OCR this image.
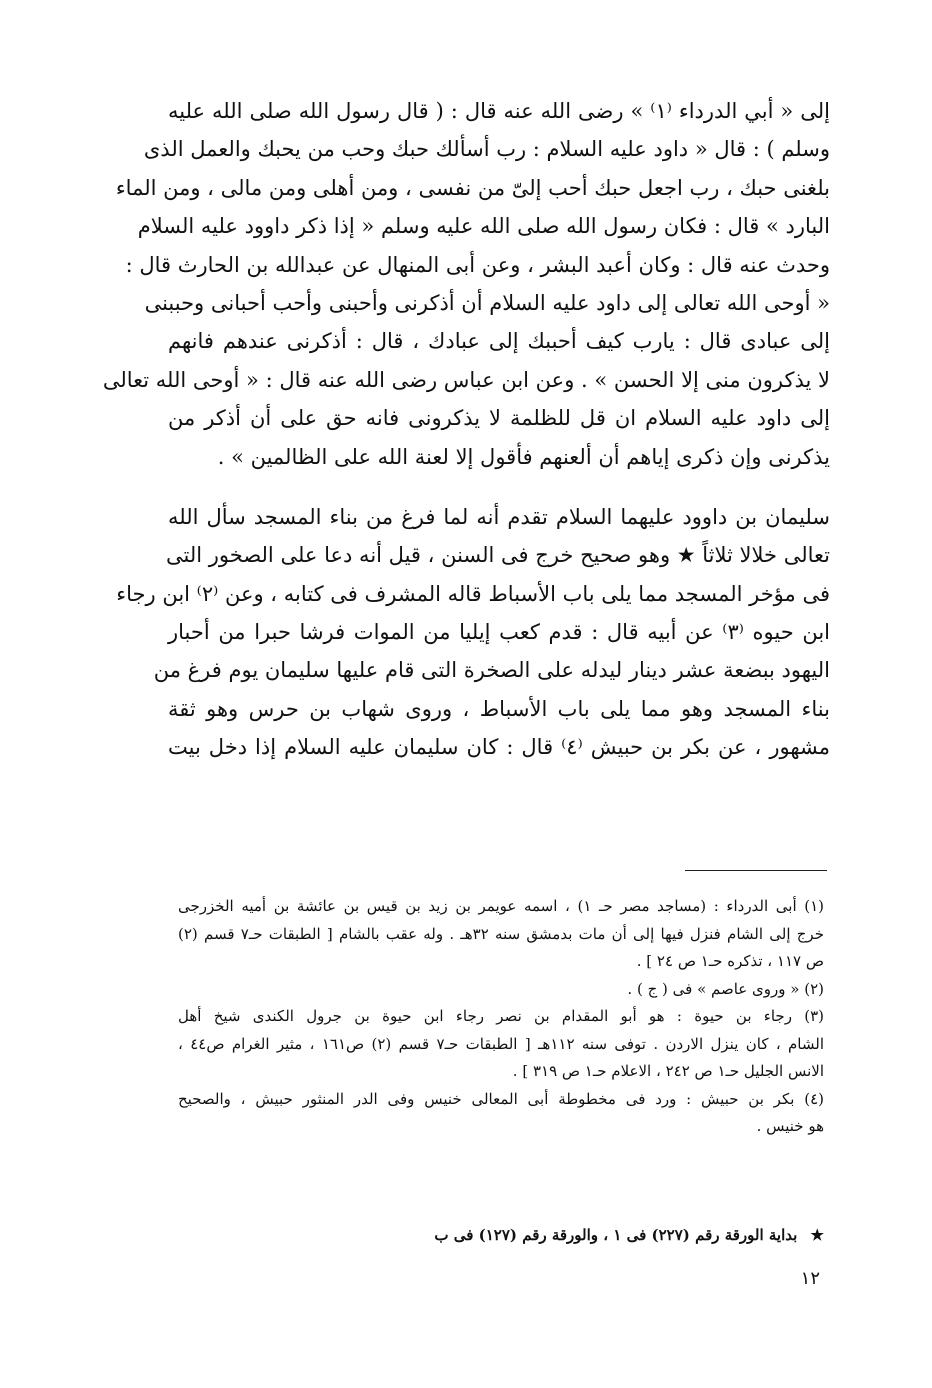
إلى « أبي الدرداء ⁽١⁾ » رضى الله عنه قال : ( قال رسول الله صلى الله عليه
وسلم ) : قال « داود عليه السلام : رب أسألك حبك وحب من يحبك والعمل الذى
بلغنى حبك ، رب اجعل حبك أحب إلىّ من نفسى ، ومن أهلى ومن مالى ، ومن الماء
البارد » قال : فكان رسول الله صلى الله عليه وسلم « إذا ذكر داوود عليه السلام
وحدث عنه قال : وكان أعبد البشر ، وعن أبى المنهال عن عبدالله بن الحارث قال :
« أوحى الله تعالى إلى داود عليه السلام أن أذكرنى وأحبنى وأحب أحبانى وحببنى
إلى عبادى قال : يارب كيف أحببك إلى عبادك ، قال : أذكرنى عندهم فانهم
لا يذكرون منى إلا الحسن » . وعن ابن عباس رضى الله عنه قال : « أوحى الله تعالى
إلى داود عليه السلام ان قل للظلمة لا يذكرونى فانه حق على أن أذكر من
يذكرنى وإن ذكرى إياهم أن ألعنهم فأقول إلا لعنة الله على الظالمين » .
سليمان بن داوود عليهما السلام تقدم أنه لما فرغ من بناء المسجد سأل الله
تعالى خلالا ثلاثاً ★ وهو صحيح خرج فى السنن ، قيل أنه دعا على الصخور التى
فى مؤخر المسجد مما يلى باب الأسباط قاله المشرف فى كتابه ، وعن ⁽٢⁾ ابن رجاء
ابن حيوه ⁽٣⁾ عن أبيه قال : قدم كعب إيليا من الموات فرشا حبرا من أحبار
اليهود ببضعة عشر دينار ليدله على الصخرة التى قام عليها سليمان يوم فرغ من
بناء المسجد وهو مما يلى باب الأسباط ، وروى شهاب بن حرس وهو ثقة
مشهور ، عن بكر بن حبيش ⁽٤⁾ قال : كان سليمان عليه السلام إذا دخل بيت
(١) أبى الدرداء : (مساجد مصر حـ ١) ، اسمه عويمر بن زيد بن قيس بن عائشة بن أميه الخزرجى
خرج إلى الشام فنزل فيها إلى أن مات بدمشق سنه ٣٢هـ . وله عقب بالشام [ الطبقات حـ٧ قسم (٢)
ص ١١٧ ، تذكره حـ١ ص ٢٤ ] .
(٢) « وروى عاصم » فى ( ج ) .
(٣) رجاء بن حيوة : هو أبو المقدام بن نصر رجاء ابن حيوة بن جرول الكندى شيخ أهل
الشام ، كان ينزل الاردن . توفى سنه ١١٢هـ [ الطبقات حـ٧ قسم (٢) ص١٦١ ، مثير الغرام ص٤٤ ،
الانس الجليل حـ١ ص ٢٤٢ ، الاعلام حـ١ ص ٣١٩ ] .
(٤) بكر بن حبيش : ورد فى مخطوطة أبى المعالى خنيس وفى الدر المنثور حبيش ، والصحيح
هو خنيس .
★ بداية الورقة رقم (٢٢٧) فى ١ ، والورقة رقم (١٢٧) فى ب
١٢
